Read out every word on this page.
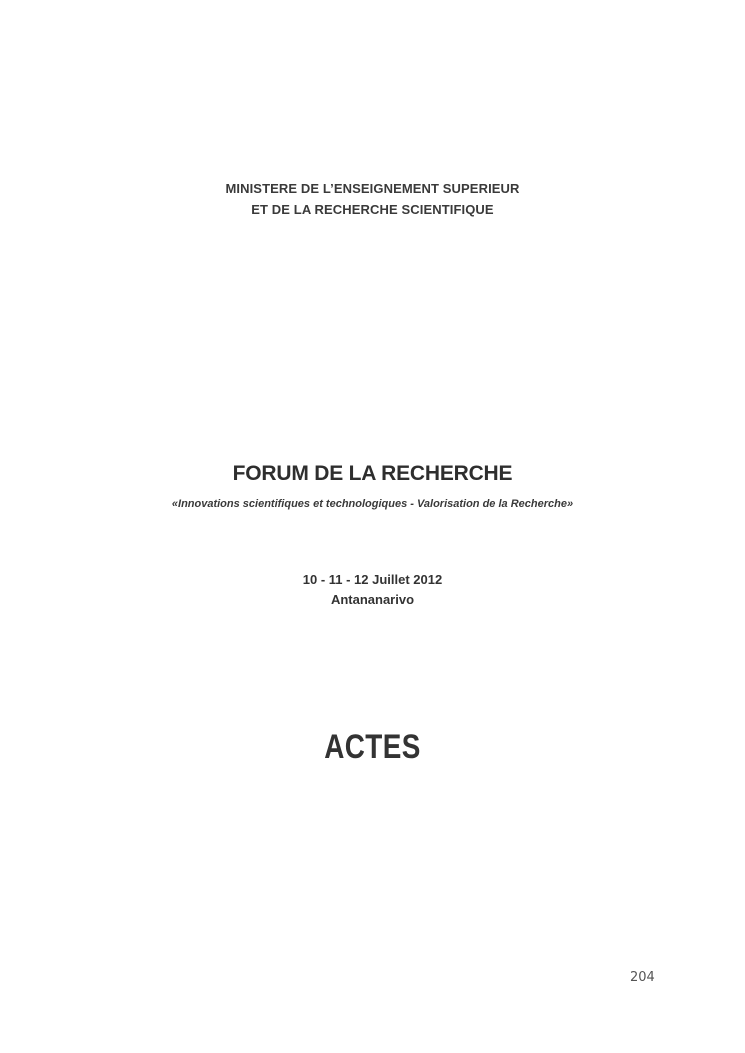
MINISTERE DE L’ENSEIGNEMENT SUPERIEUR
ET DE LA RECHERCHE SCIENTIFIQUE
FORUM DE LA RECHERCHE
«Innovations scientifiques et technologiques - Valorisation de la Recherche»
10 - 11 - 12 Juillet 2012
Antananarivo
ACTES
204
